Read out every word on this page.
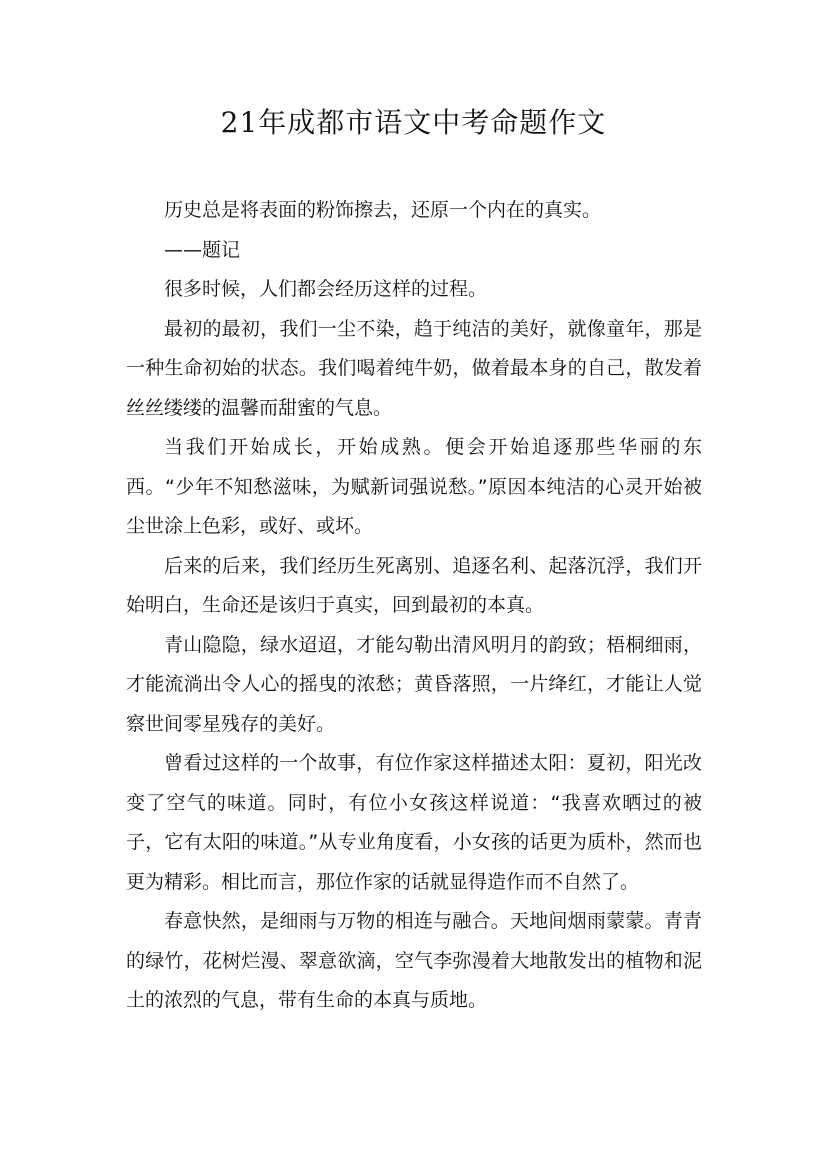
21年成都市语文中考命题作文

历史总是将表面的粉饰擦去，还原一个内在的真实。

——题记

很多时候，人们都会经历这样的过程。

最初的最初，我们一尘不染，趋于纯洁的美好，就像童年，那是一种生命初始的状态。我们喝着纯牛奶，做着最本身的自己，散发着丝丝缕缕的温馨而甜蜜的气息。

当我们开始成长，开始成熟。便会开始追逐那些华丽的东西。“少年不知愁滋味，为赋新词强说愁。”原因本纯洁的心灵开始被尘世涂上色彩，或好、或坏。

后来的后来，我们经历生死离别、追逐名利、起落沉浮，我们开始明白，生命还是该归于真实，回到最初的本真。

青山隐隐，绿水迢迢，才能勾勒出清风明月的韵致；梧桐细雨，才能流淌出令人心的摇曳的浓愁；黄昏落照，一片绛红，才能让人觉察世间零星残存的美好。

曾看过这样的一个故事，有位作家这样描述太阳：夏初，阳光改变了空气的味道。同时，有位小女孩这样说道：“我喜欢晒过的被子，它有太阳的味道。”从专业角度看，小女孩的话更为质朴，然而也更为精彩。相比而言，那位作家的话就显得造作而不自然了。

春意快然，是细雨与万物的相连与融合。天地间烟雨蒙蒙。青青的绿竹，花树烂漫、翠意欲滴，空气李弥漫着大地散发出的植物和泥土的浓烈的气息，带有生命的本真与质地。
